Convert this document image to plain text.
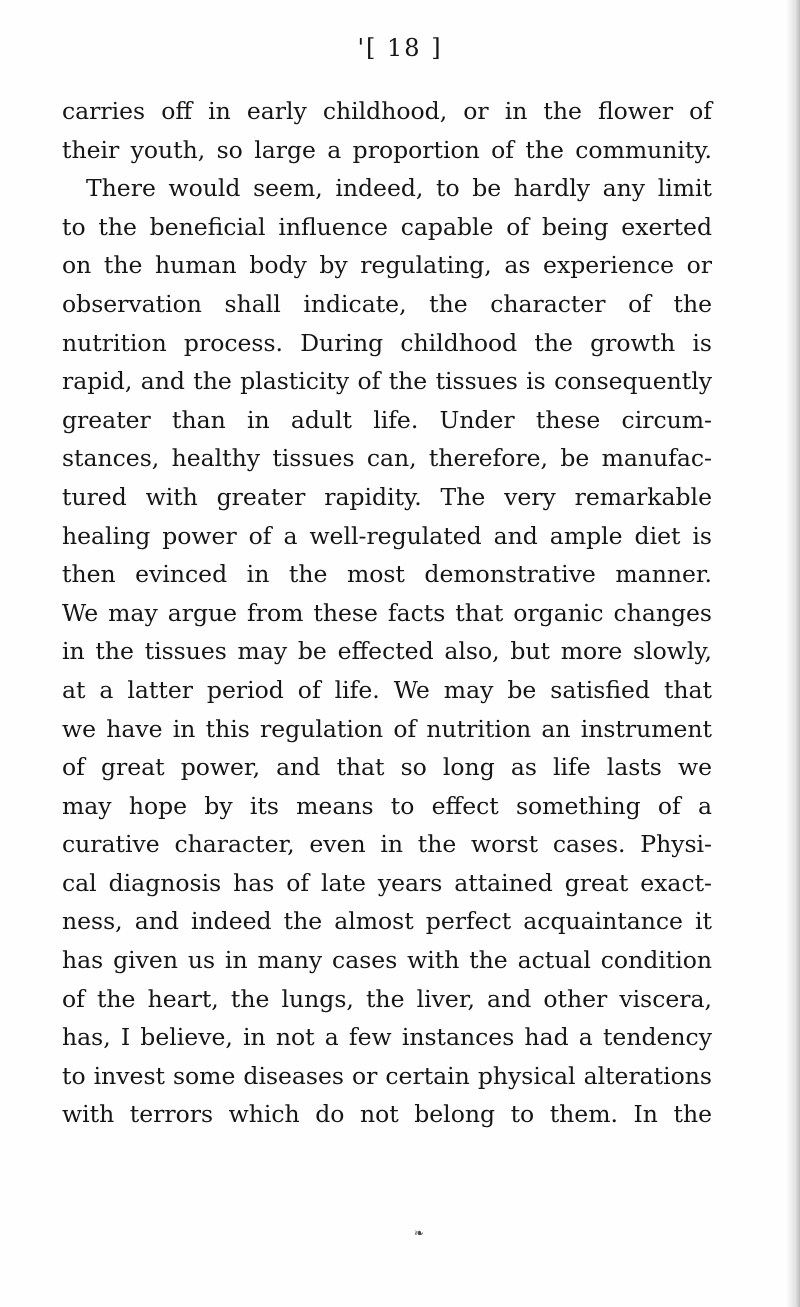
'[ 18 ]
carries off in early childhood, or in the flower of
their youth, so large a proportion of the community.
There would seem, indeed, to be hardly any limit
to the beneficial influence capable of being exerted
on the human body by regulating, as experience or
observation shall indicate, the character of the
nutrition process. During childhood the growth is
rapid, and the plasticity of the tissues is consequently
greater than in adult life. Under these circum-
stances, healthy tissues can, therefore, be manufac-
tured with greater rapidity. The very remarkable
healing power of a well-regulated and ample diet is
then evinced in the most demonstrative manner.
We may argue from these facts that organic changes
in the tissues may be effected also, but more slowly,
at a latter period of life. We may be satisfied that
we have in this regulation of nutrition an instrument
of great power, and that so long as life lasts we
may hope by its means to effect something of a
curative character, even in the worst cases. Physi-
cal diagnosis has of late years attained great exact-
ness, and indeed the almost perfect acquaintance it
has given us in many cases with the actual condition
of the heart, the lungs, the liver, and other viscera,
has, I believe, in not a few instances had a tendency
to invest some diseases or certain physical alterations
with terrors which do not belong to them. In the
❧
